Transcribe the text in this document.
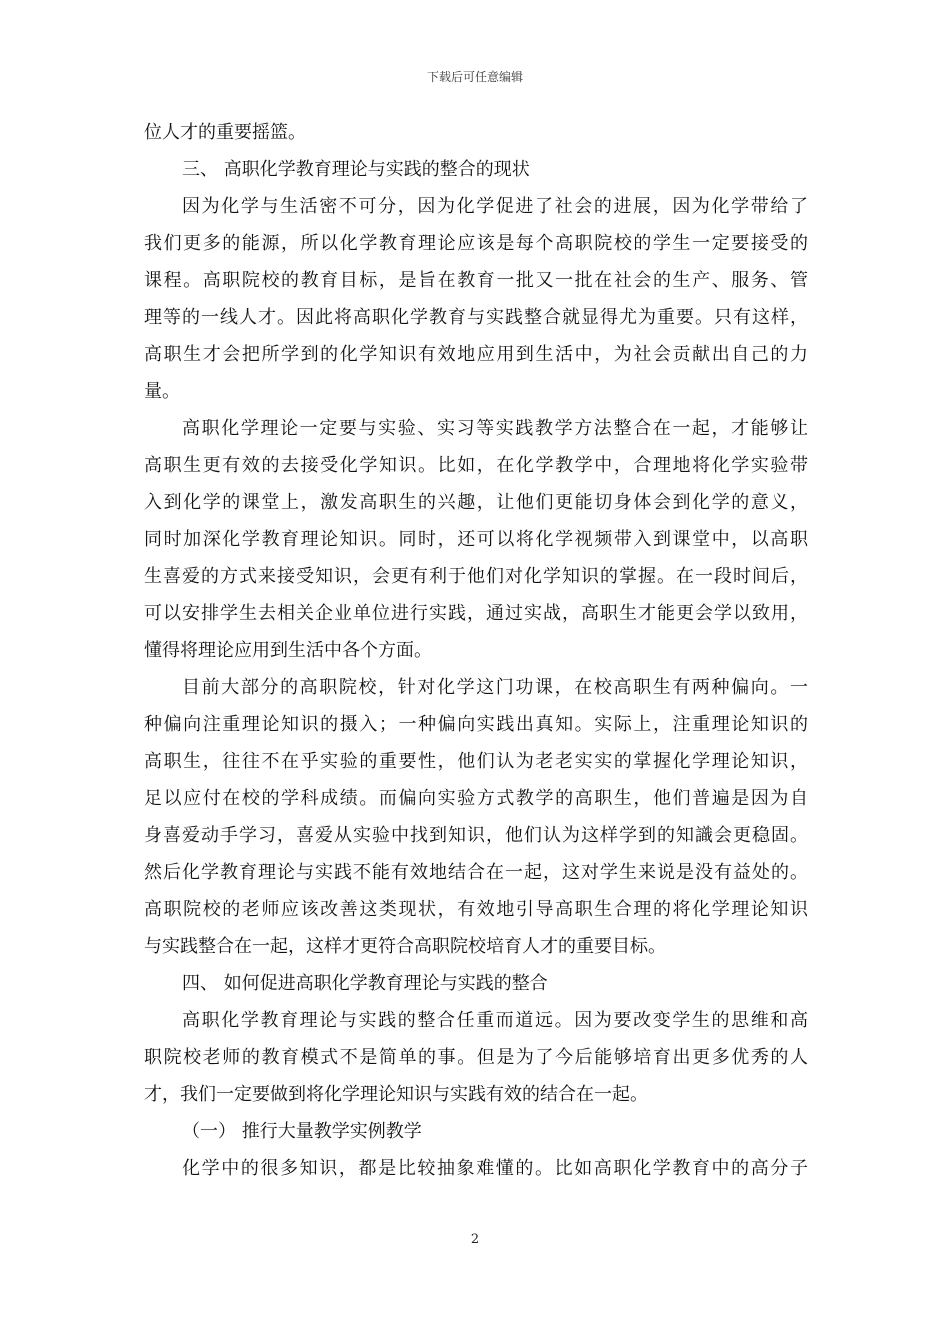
下载后可任意编辑
位人才的重要摇篮。
三、 高职化学教育理论与实践的整合的现状
因为化学与生活密不可分，因为化学促进了社会的进展，因为化学带给了
我们更多的能源，所以化学教育理论应该是每个高职院校的学生一定要接受的
课程。高职院校的教育目标，是旨在教育一批又一批在社会的生产、服务、管
理等的一线人才。因此将高职化学教育与实践整合就显得尤为重要。只有这样，
高职生才会把所学到的化学知识有效地应用到生活中，为社会贡献出自己的力
量。
高职化学理论一定要与实验、实习等实践教学方法整合在一起，才能够让
高职生更有效的去接受化学知识。比如，在化学教学中，合理地将化学实验带
入到化学的课堂上，激发高职生的兴趣，让他们更能切身体会到化学的意义，
同时加深化学教育理论知识。同时，还可以将化学视频带入到课堂中，以高职
生喜爱的方式来接受知识，会更有利于他们对化学知识的掌握。在一段时间后，
可以安排学生去相关企业单位进行实践，通过实战，高职生才能更会学以致用，
懂得将理论应用到生活中各个方面。
目前大部分的高职院校，针对化学这门功课，在校高职生有两种偏向。一
种偏向注重理论知识的摄入；一种偏向实践出真知。实际上，注重理论知识的
高职生，往往不在乎实验的重要性，他们认为老老实实的掌握化学理论知识，
足以应付在校的学科成绩。而偏向实验方式教学的高职生，他们普遍是因为自
身喜爱动手学习，喜爱从实验中找到知识，他们认为这样学到的知識会更稳固。
然后化学教育理论与实践不能有效地结合在一起，这对学生来说是没有益处的。
高职院校的老师应该改善这类现状，有效地引导高职生合理的将化学理论知识
与实践整合在一起，这样才更符合高职院校培育人才的重要目标。
四、 如何促进高职化学教育理论与实践的整合
高职化学教育理论与实践的整合任重而道远。因为要改变学生的思维和高
职院校老师的教育模式不是简单的事。但是为了今后能够培育出更多优秀的人
才，我们一定要做到将化学理论知识与实践有效的结合在一起。
（一） 推行大量教学实例教学
化学中的很多知识，都是比较抽象难懂的。比如高职化学教育中的高分子
2
